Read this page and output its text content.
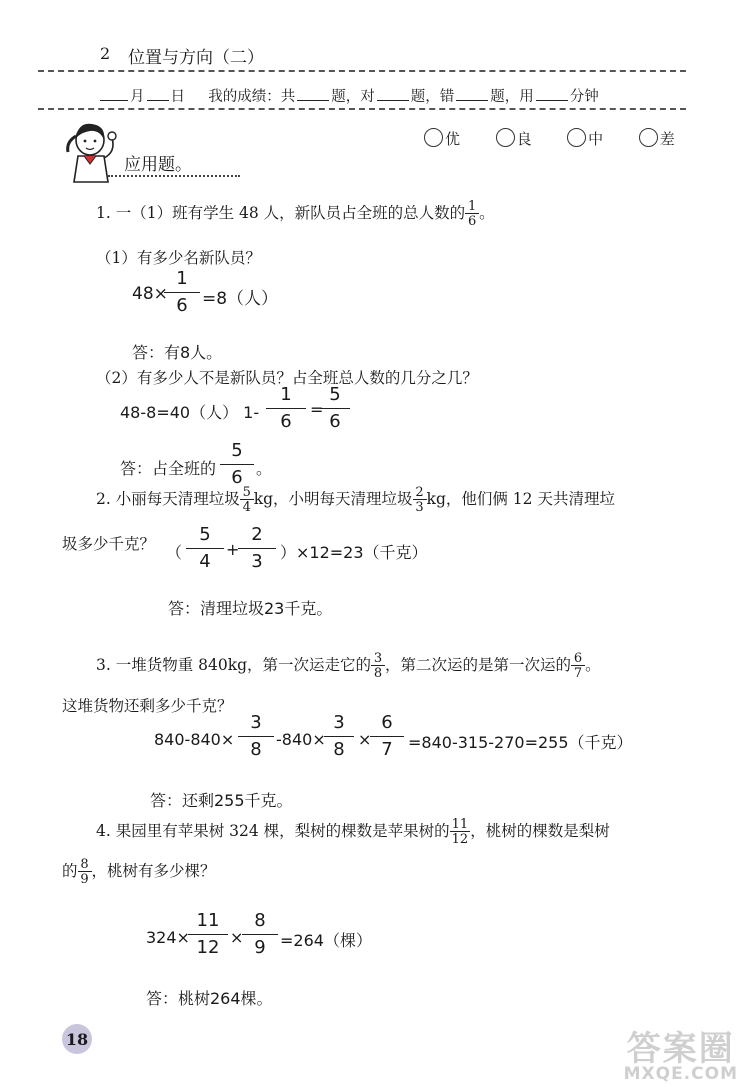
2 位置与方向（二）
月 日 我的成绩：共 题，对 题，错 题，用 分钟
应用题。
优	良	中	差
1. 一（1）班有学生 48 人，新队员占全班的总人数的 $\frac{1}{6}$ 。
（1）有多少名新队员？
48×
1
6 =8（人）
答：有8人。
（2）有多少人不是新队员？占全班总人数的几分之几？
48-8=40（人） 1-
1
6
=
5
6
答：占全班的
5
6 。
2. 小丽每天清理垃圾 $\frac{5}{4}$ kg，小明每天清理垃圾 $\frac{2}{3}$ kg，他们俩 12 天共清理垃
圾多少千克？ （
5
4
+
2
3 ）×12=23（千克）
答：清理垃圾23千克。
3. 一堆货物重 840kg，第一次运走它的 $\frac{3}{8}$ ，第二次运的是第一次运的 $\frac{6}{7}$ 。
这堆货物还剩多少千克？
840-840×
3
8 -840×
3
8 ×
6
7 =840-315-270=255（千克）
答：还剩255千克。
4. 果园里有苹果树 324 棵，梨树的棵数是苹果树的 $\frac{11}{12}$ ，桃树的棵数是梨树
的 $\frac{8}{9}$ ，桃树有多少棵？
324×
11
12 ×
8
9 =264（棵）
答：桃树264棵。
18	答案圈
MXQE.COM
